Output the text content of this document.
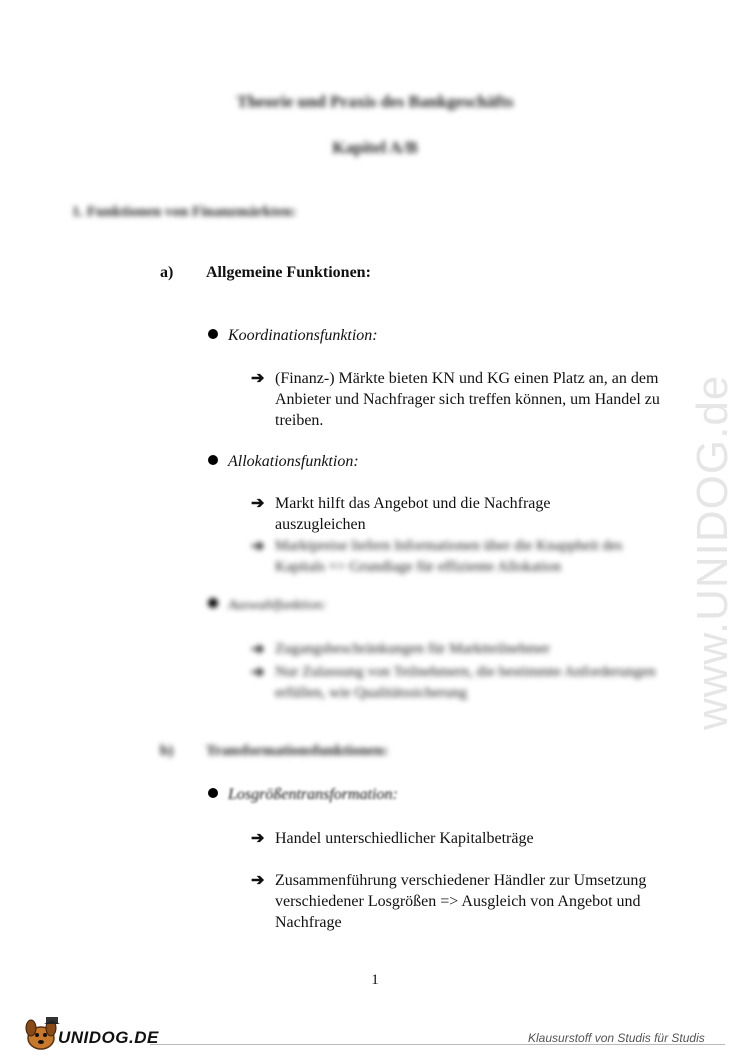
www.UNIDOG.de
Theorie und Praxis des Bankgeschäfts
Kapitel A/B
1. Funktionen von Finanzmärkten:
a) Allgemeine Funktionen:
Koordinationsfunktion:
➔ (Finanz-) Märkte bieten KN und KG einen Platz an, an dem Anbieter und Nachfrager sich treffen können, um Handel zu treiben.
Allokationsfunktion:
➔ Markt hilft das Angebot und die Nachfrage auszugleichen
➔ Marktpreise liefern Informationen über die Knappheit des Kapitals => Grundlage für effiziente Allokation
Auswahlfunktion:
➔ Zugangsbeschränkungen für Marktteilnehmer
➔ Nur Zulassung von Teilnehmern, die bestimmte Anforderungen erfüllen, wie Qualitätssicherung
b) Transformationsfunktionen:
Losgrößentransformation:
➔ Handel unterschiedlicher Kapitalbeträge
➔ Zusammenführung verschiedener Händler zur Umsetzung verschiedener Losgrößen => Ausgleich von Angebot und Nachfrage
1
UNIDOG.DE	Klausurstoff von Studis für Studis
